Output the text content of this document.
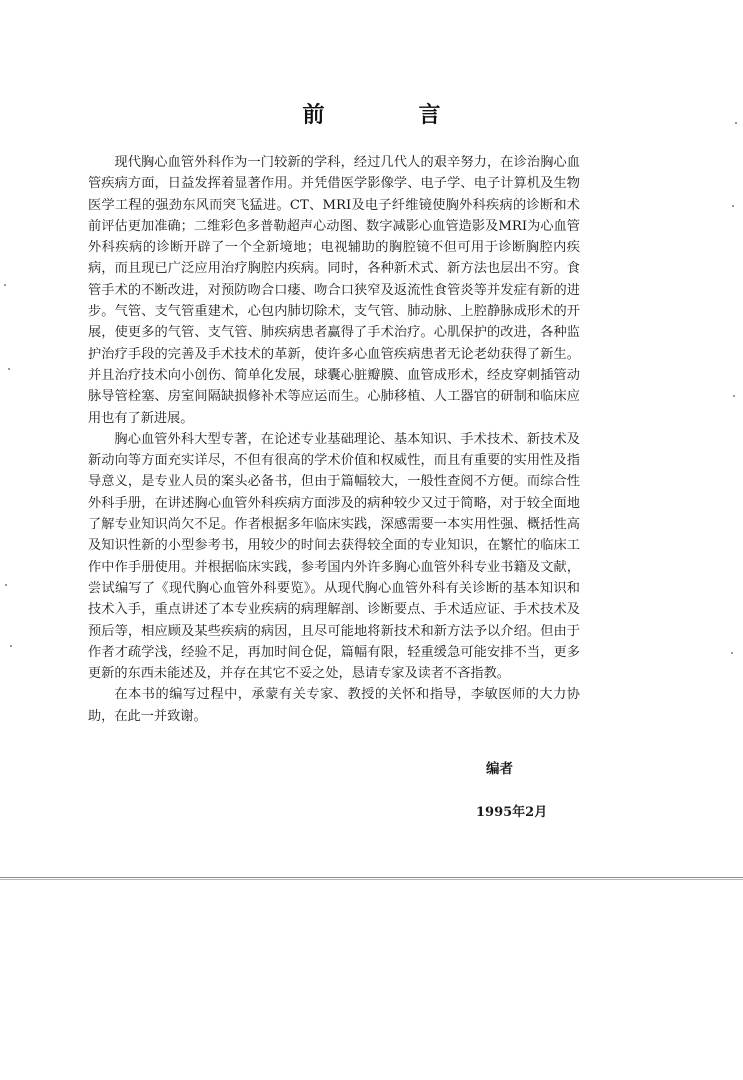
前　言

现代胸心血管外科作为一门较新的学科，经过几代人的艰辛努力，在诊治胸心血管疾病方面，日益发挥着显著作用。并凭借医学影像学、电子学、电子计算机及生物医学工程的强劲东风而突飞猛进。CT、MRI及电子纤维镜使胸外科疾病的诊断和术前评估更加准确；二维彩色多普勒超声心动图、数字减影心血管造影及MRI为心血管外科疾病的诊断开辟了一个全新境地；电视辅助的胸腔镜不但可用于诊断胸腔内疾病，而且现已广泛应用治疗胸腔内疾病。同时，各种新术式、新方法也层出不穷。食管手术的不断改进，对预防吻合口瘘、吻合口狭窄及返流性食管炎等并发症有新的进步。气管、支气管重建术，心包内肺切除术，支气管、肺动脉、上腔静脉成形术的开展，使更多的气管、支气管、肺疾病患者赢得了手术治疗。心肌保护的改进，各种监护治疗手段的完善及手术技术的革新，使许多心血管疾病患者无论老幼获得了新生。并且治疗技术向小创伤、简单化发展，球囊心脏瓣膜、血管成形术，经皮穿刺插管动脉导管栓塞、房室间隔缺损修补术等应运而生。心肺移植、人工器官的研制和临床应用也有了新进展。

胸心血管外科大型专著，在论述专业基础理论、基本知识、手术技术、新技术及新动向等方面充实详尽，不但有很高的学术价值和权威性，而且有重要的实用性及指导意义，是专业人员的案头必备书，但由于篇幅较大，一般性查阅不方便。而综合性外科手册，在讲述胸心血管外科疾病方面涉及的病种较少又过于简略，对于较全面地了解专业知识尚欠不足。作者根据多年临床实践，深感需要一本实用性强、概括性高及知识性新的小型参考书，用较少的时间去获得较全面的专业知识，在繁忙的临床工作中作手册使用。并根据临床实践，参考国内外许多胸心血管外科专业书籍及文献，尝试编写了《现代胸心血管外科要览》。从现代胸心血管外科有关诊断的基本知识和技术入手，重点讲述了本专业疾病的病理解剖、诊断要点、手术适应证、手术技术及预后等，相应顾及某些疾病的病因，且尽可能地将新技术和新方法予以介绍。但由于作者才疏学浅，经验不足，再加时间仓促，篇幅有限，轻重缓急可能安排不当，更多更新的东西未能述及，并存在其它不妥之处，恳请专家及读者不吝指教。

在本书的编写过程中，承蒙有关专家、教授的关怀和指导，李敏医师的大力协助，在此一并致谢。

编者
1995年2月
